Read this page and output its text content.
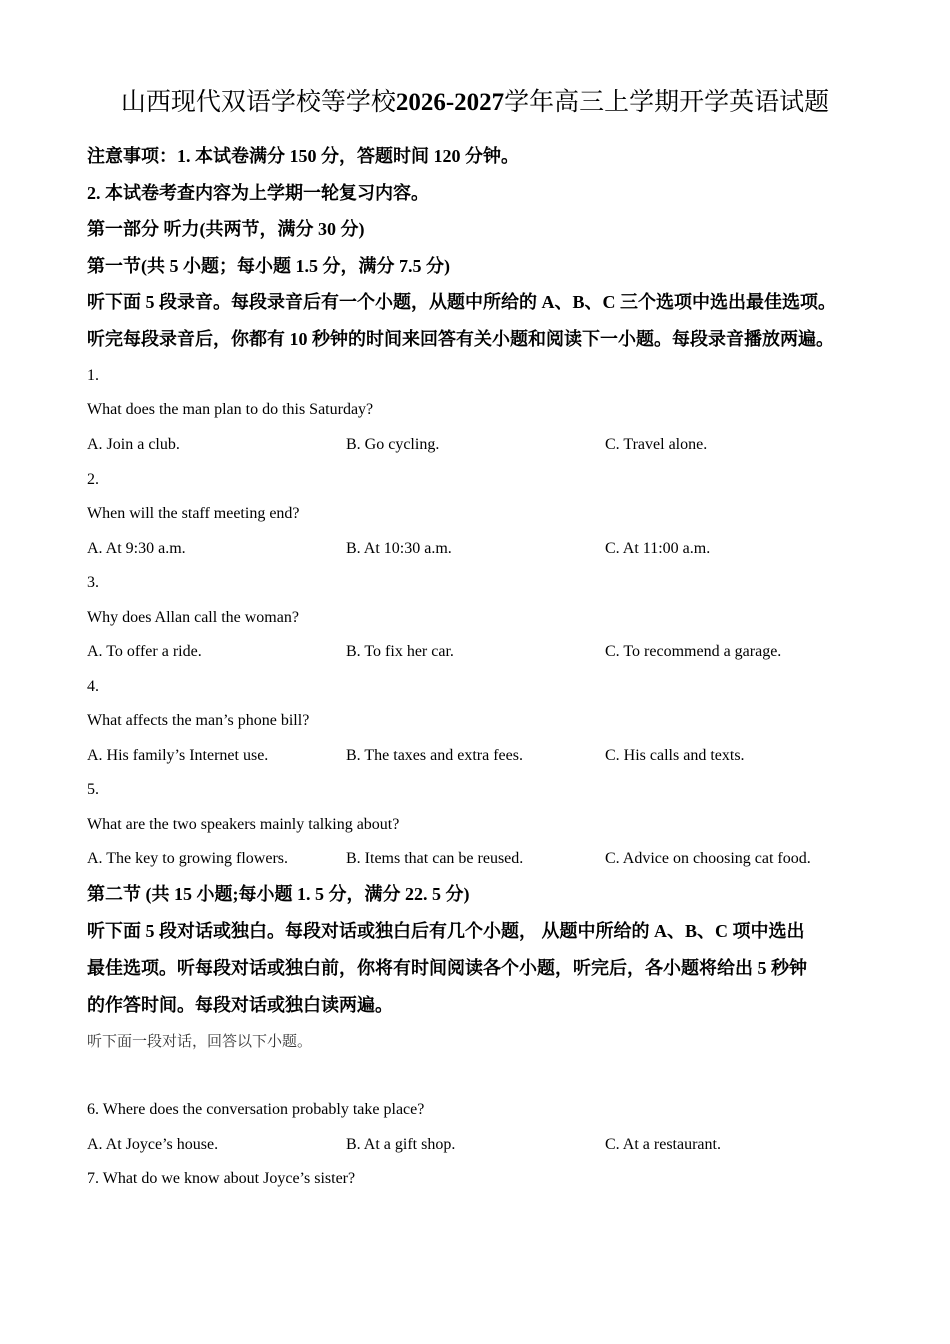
山西现代双语学校等学校2026-2027学年高三上学期开学英语试题
注意事项：1. 本试卷满分 150 分，答题时间 120 分钟。
2. 本试卷考查内容为上学期一轮复习内容。
第一部分 听力(共两节，满分 30 分)
第一节(共 5 小题；每小题 1.5 分，满分 7.5 分)
听下面 5 段录音。每段录音后有一个小题，从题中所给的 A、B、C 三个选项中选出最佳选项。
听完每段录音后，你都有 10 秒钟的时间来回答有关小题和阅读下一小题。每段录音播放两遍。
1.
What does the man plan to do this Saturday?
A. Join a club.	B. Go cycling.	C. Travel alone.
2.
When will the staff meeting end?
A. At 9:30 a.m.	B. At 10:30 a.m.	C. At 11:00 a.m.
3.
Why does Allan call the woman?
A. To offer a ride.	B. To fix her car.	C. To recommend a garage.
4.
What affects the man’s phone bill?
A. His family’s Internet use.	B. The taxes and extra fees.	C. His calls and texts.
5.
What are the two speakers mainly talking about?
A. The key to growing flowers.	B. Items that can be reused.	C. Advice on choosing cat food.
第二节 (共 15 小题;每小题 1. 5 分，满分 22. 5 分)
听下面 5 段对话或独白。每段对话或独白后有几个小题， 从题中所给的 A、B、C 项中选出
最佳选项。听每段对话或独白前，你将有时间阅读各个小题，听完后，各小题将给出 5 秒钟
的作答时间。每段对话或独白读两遍。
听下面一段对话，回答以下小题。
6. Where does the conversation probably take place?
A. At Joyce’s house.	B. At a gift shop.	C. At a restaurant.
7. What do we know about Joyce’s sister?
